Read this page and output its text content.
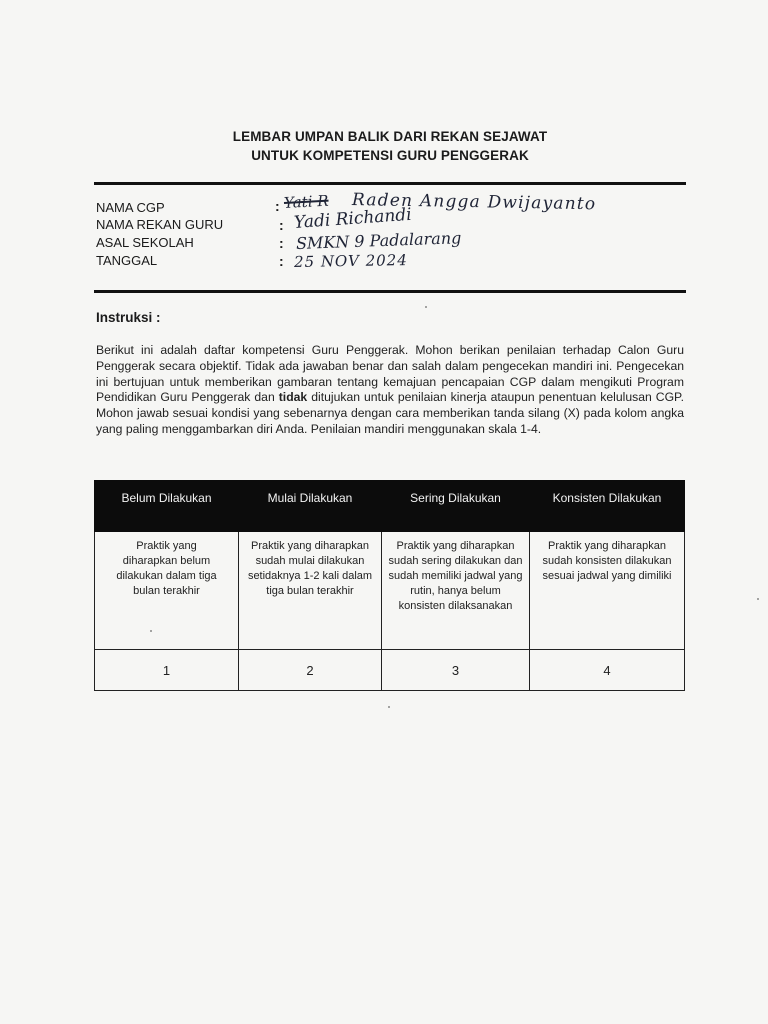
LEMBAR UMPAN BALIK DARI REKAN SEJAWAT
UNTUK KOMPETENSI GURU PENGGERAK
NAMA CGP	: Yati R Raden Angga Dwijayanto
NAMA REKAN GURU	: Yadi Richandi
ASAL SEKOLAH	: SMKN 9 Padalarang
TANGGAL	: 25 NOV 2024
Instruksi :
Berikut ini adalah daftar kompetensi Guru Penggerak. Mohon berikan penilaian terhadap Calon Guru Penggerak secara objektif. Tidak ada jawaban benar dan salah dalam pengecekan mandiri ini. Pengecekan ini bertujuan untuk memberikan gambaran tentang kemajuan pencapaian CGP dalam mengikuti Program Pendidikan Guru Penggerak dan tidak ditujukan untuk penilaian kinerja ataupun penentuan kelulusan CGP. Mohon jawab sesuai kondisi yang sebenarnya dengan cara memberikan tanda silang (X) pada kolom angka yang paling menggambarkan diri Anda. Penilaian mandiri menggunakan skala 1-4.
Belum Dilakukan	Mulai Dilakukan	Sering Dilakukan	Konsisten Dilakukan
Praktik yang diharapkan belum dilakukan dalam tiga bulan terakhir	Praktik yang diharapkan sudah mulai dilakukan setidaknya 1-2 kali dalam tiga bulan terakhir	Praktik yang diharapkan sudah sering dilakukan dan sudah memiliki jadwal yang rutin, hanya belum konsisten dilaksanakan	Praktik yang diharapkan sudah konsisten dilakukan sesuai jadwal yang dimiliki
1	2	3	4
